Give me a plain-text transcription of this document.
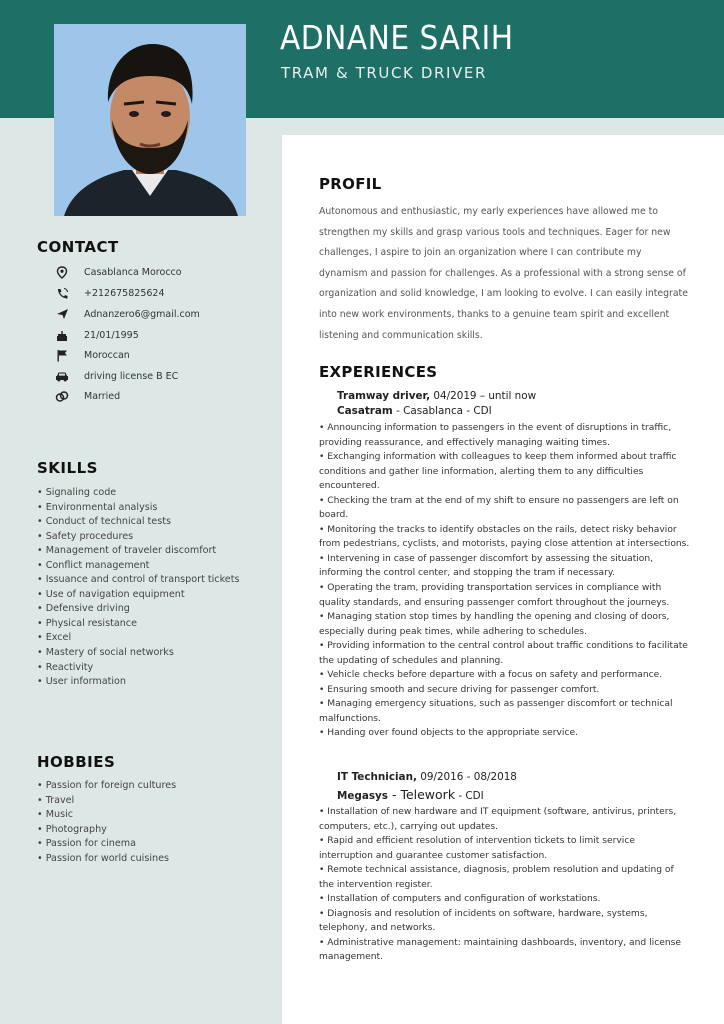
ADNANE SARIH
TRAM & TRUCK DRIVER
CONTACT
Casablanca Morocco
+212675825624
Adnanzero6@gmail.com
21/01/1995
Moroccan
driving license B EC
Married
SKILLS
• Signaling code
• Environmental analysis
• Conduct of technical tests
• Safety procedures
• Management of traveler discomfort
• Conflict management
• Issuance and control of transport tickets
• Use of navigation equipment
• Defensive driving
• Physical resistance
• Excel
• Mastery of social networks
• Reactivity
• User information
HOBBIES
• Passion for foreign cultures
• Travel
• Music
• Photography
• Passion for cinema
• Passion for world cuisines
PROFIL
Autonomous and enthusiastic, my early experiences have allowed me to strengthen my skills and grasp various tools and techniques. Eager for new challenges, I aspire to join an organization where I can contribute my dynamism and passion for challenges. As a professional with a strong sense of organization and solid knowledge, I am looking to evolve. I can easily integrate into new work environments, thanks to a genuine team spirit and excellent listening and communication skills.
EXPERIENCES
Tramway driver, 04/2019 – until now
Casatram - Casablanca - CDI
• Announcing information to passengers in the event of disruptions in traffic, providing reassurance, and effectively managing waiting times.
• Exchanging information with colleagues to keep them informed about traffic conditions and gather line information, alerting them to any difficulties encountered.
• Checking the tram at the end of my shift to ensure no passengers are left on board.
• Monitoring the tracks to identify obstacles on the rails, detect risky behavior from pedestrians, cyclists, and motorists, paying close attention at intersections.
• Intervening in case of passenger discomfort by assessing the situation, informing the control center, and stopping the tram if necessary.
• Operating the tram, providing transportation services in compliance with quality standards, and ensuring passenger comfort throughout the journeys.
• Managing station stop times by handling the opening and closing of doors, especially during peak times, while adhering to schedules.
• Providing information to the central control about traffic conditions to facilitate the updating of schedules and planning.
• Vehicle checks before departure with a focus on safety and performance.
• Ensuring smooth and secure driving for passenger comfort.
• Managing emergency situations, such as passenger discomfort or technical malfunctions.
• Handing over found objects to the appropriate service.
IT Technician, 09/2016 - 08/2018
Megasys - Telework - CDI
• Installation of new hardware and IT equipment (software, antivirus, printers, computers, etc.), carrying out updates.
• Rapid and efficient resolution of intervention tickets to limit service interruption and guarantee customer satisfaction.
• Remote technical assistance, diagnosis, problem resolution and updating of the intervention register.
• Installation of computers and configuration of workstations.
• Diagnosis and resolution of incidents on software, hardware, systems, telephony, and networks.
• Administrative management: maintaining dashboards, inventory, and license management.
